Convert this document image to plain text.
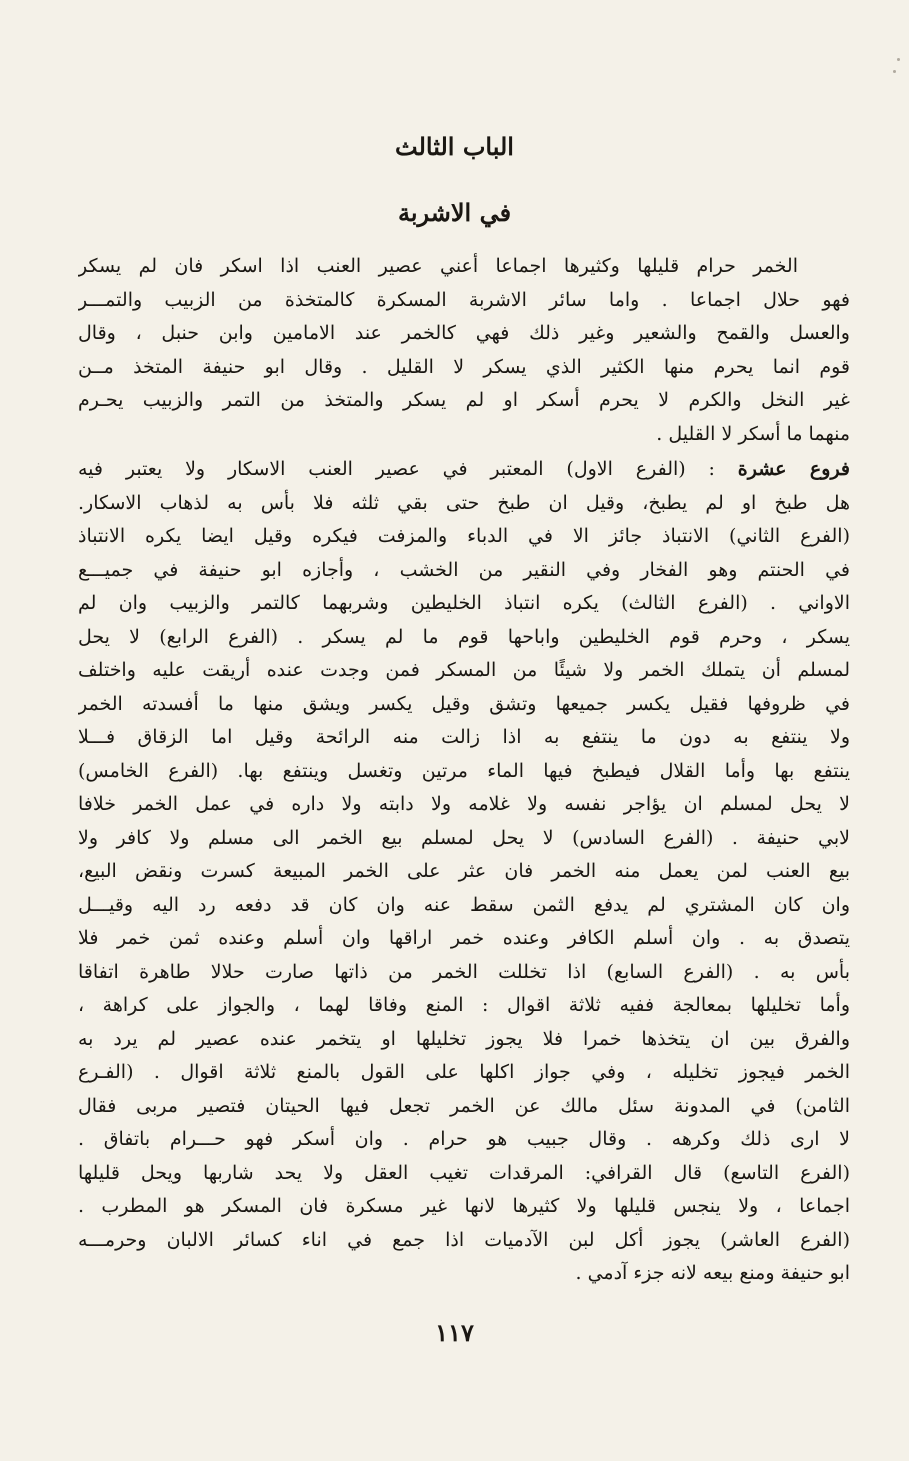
الباب الثالث
في الاشربة
الخمر حرام قليلها وكثيرها اجماعا أعني عصير العنب اذا اسكر فان لم يسكر
فهو حلال اجماعا . واما سائر الاشربة المسكرة كالمتخذة من الزبيب والتمـــر
والعسل والقمح والشعير وغير ذلك فهي كالخمر عند الامامين وابن حنبل ، وقال
قوم انما يحرم منها الكثير الذي يسكر لا القليل . وقال ابو حنيفة المتخذ مــن
غير النخل والكرم لا يحرم أسكر او لم يسكر والمتخذ من التمر والزبيب يحـرم
منهما ما أسكر لا القليل .
فروع عشرة : (الفرع الاول) المعتبر في عصير العنب الاسكار ولا يعتبر فيه
هل طبخ او لم يطبخ، وقيل ان طبخ حتى بقي ثلثه فلا بأس به لذهاب الاسكار.
(الفرع الثاني) الانتباذ جائز الا في الدباء والمزفت فيكره وقيل ايضا يكره الانتباذ
في الحنتم وهو الفخار وفي النقير من الخشب ، وأجازه ابو حنيفة في جميـــع
الاواني . (الفرع الثالث) يكره انتباذ الخليطين وشربهما كالتمر والزبيب وان لم
يسكر ، وحرم قوم الخليطين واباحها قوم ما لم يسكر . (الفرع الرابع) لا يحل
لمسلم أن يتملك الخمر ولا شيئًا من المسكر فمن وجدت عنده أريقت عليه واختلف
في ظروفها فقيل يكسر جميعها وتشق وقيل يكسر ويشق منها ما أفسدته الخمر
ولا ينتفع به دون ما ينتفع به اذا زالت منه الرائحة وقيل اما الزقاق فـــلا
ينتفع بها وأما القلال فيطبخ فيها الماء مرتين وتغسل وينتفع بها. (الفرع الخامس)
لا يحل لمسلم ان يؤاجر نفسه ولا غلامه ولا دابته ولا داره في عمل الخمر خلافا
لابي حنيفة . (الفرع السادس) لا يحل لمسلم بيع الخمر الى مسلم ولا كافر ولا
بيع العنب لمن يعمل منه الخمر فان عثر على الخمر المبيعة كسرت ونقض البيع،
وان كان المشتري لم يدفع الثمن سقط عنه وان كان قد دفعه رد اليه وقيـــل
يتصدق به . وان أسلم الكافر وعنده خمر اراقها وان أسلم وعنده ثمن خمر فلا
بأس به . (الفرع السابع) اذا تخللت الخمر من ذاتها صارت حلالا طاهرة اتفاقا
وأما تخليلها بمعالجة ففيه ثلاثة اقوال : المنع وفاقا لهما ، والجواز على كراهة ،
والفرق بين ان يتخذها خمرا فلا يجوز تخليلها او يتخمر عنده عصير لم يرد به
الخمر فيجوز تخليله ، وفي جواز اكلها على القول بالمنع ثلاثة اقوال . (الفـرع
الثامن) في المدونة سئل مالك عن الخمر تجعل فيها الحيتان فتصير مربى فقال
لا ارى ذلك وكرهه . وقال جبيب هو حرام . وان أسكر فهو حـــرام باتفاق .
(الفرع التاسع) قال القرافي: المرقدات تغيب العقل ولا يحد شاربها ويحل قليلها
اجماعا ، ولا ينجس قليلها ولا كثيرها لانها غير مسكرة فان المسكر هو المطرب .
(الفرع العاشر) يجوز أكل لبن الآدميات اذا جمع في اناء كسائر الالبان وحرمـــه
ابو حنيفة ومنع بيعه لانه جزء آدمي .
١١٧
